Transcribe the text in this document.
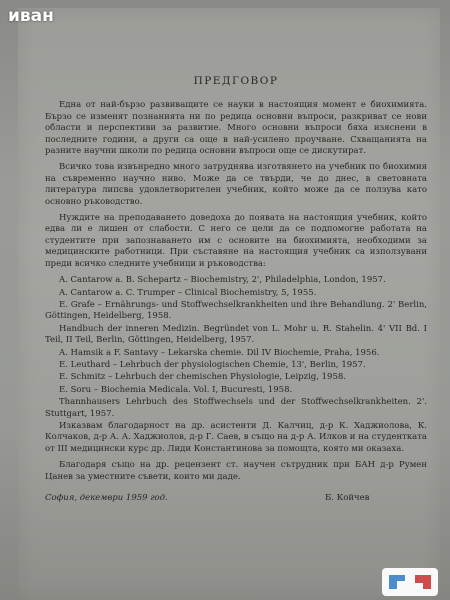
иван
ПРЕДГОВОР

Една от най-бързо развиващите се науки в настоящия момент е биохимията. Бързо се изменят познанията ни по редица основни въпроси, разкриват се нови области и перспективи за развитие. Много основни въпроси бяха изяснени в последните години, а други са още в най-усилено проучване. Схващанията на разните научни школи по редица основни въпроси още се дискутират.

Всичко това извънредно много затруднява изготвянето на учебник по биохимия на съвременно научно ниво. Може да се твърди, че до днес, в световната литература липсва удовлетворителен учебник, който може да се ползува като основно ръководство.

Нуждите на преподаването доведоха до появата на настоящия учебник, който едва ли е лишен от слабости. С него се цели да се подпомогне работата на студентите при запознаването им с основите на биохимията, необходими за медицинските работници. При съставяне на настоящия учебник са използувани преди всичко следните учебници и ръководства:

A. Cantarow a. B. Schepartz – Biochemistry, 2', Philadelphia, London, 1957.

A. Cantarow a. C. Trumper – Clinical Biochemistry, 5, 1955.

E. Grafe – Ernährungs- und Stoffwechselkrankheiten und ihre Behandlung. 2' Berlin, Göttingen, Heidelberg, 1958.

Handbuch der inneren Medizin. Begründet von L. Mohr u. R. Stahelin. 4' VII Bd. I Teil, II Teil, Berlin, Göttingen, Heidelberg, 1957.

A. Hamsik a F. Santavy – Lekarska chemie. Dil IV Biochemie, Praha, 1956.

E. Leuthard – Lehrbuch der physiologischen Chemie, 13', Berlin, 1957.

E. Schmitz – Lehrbuch der chemischen Physiologie, Leipzig, 1958.

E. Soru – Biochemia Medicala. Vol. I, Bucuresti, 1958.

Thannhausers Lehrbuch des Stoffwechsels und der Stoffwechselkrankheiten. 2'. Stuttgart, 1957.

Изказвам благодарност на др. асистенти Д. Калчиц, д-р К. Хаджиолова, К. Колчаков, д-р А. А. Хаджиолов, д-р Г. Саев, в също на д-р А. Илков и на студентката от III медицински курс др. Лиди Константинова за помощта, която ми оказаха.

Благодаря също на др. рецензент ст. научен сътрудник при БАН д-р Румен Цанев за уместните съвети, които ми даде.

София, декември 1959 год.	Б. Койчев
